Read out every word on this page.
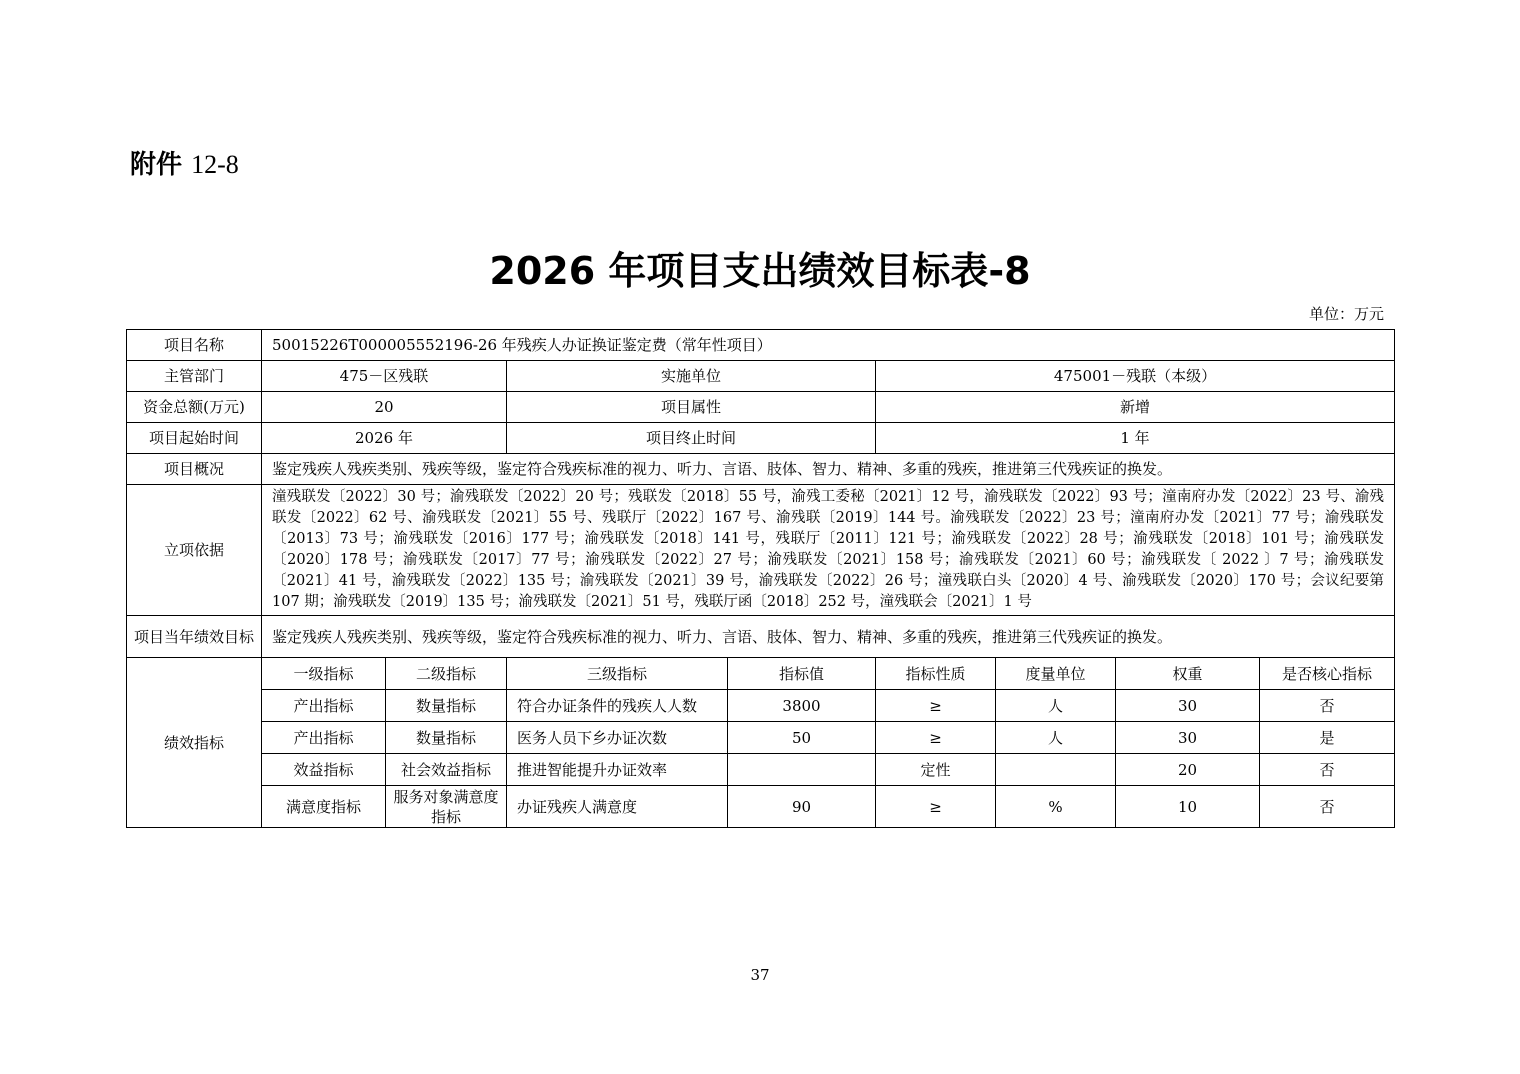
附件 12-8
2026 年项目支出绩效目标表-8
单位：万元
项目名称	50015226T000005552196-26 年残疾人办证换证鉴定费（常年性项目）							
主管部门	475－区残联		实施单位		475001－残联（本级）			
资金总额(万元)	20		项目属性		新增			
项目起始时间	2026 年		项目终止时间		1 年			
项目概况	鉴定残疾人残疾类别、残疾等级，鉴定符合残疾标准的视力、听力、言语、肢体、智力、精神、多重的残疾，推进第三代残疾证的换发。							
立项依据	潼残联发〔2022〕30 号；渝残联发〔2022〕20 号；残联发〔2018〕55 号，渝残工委秘〔2021〕12 号，渝残联发〔2022〕93 号；潼南府办发〔2022〕23 号、渝残联发〔2022〕62 号、渝残联发〔2021〕55 号、残联厅〔2022〕167 号、渝残联〔2019〕144 号。渝残联发〔2022〕23 号；潼南府办发〔2021〕77 号；渝残联发〔2013〕73 号；渝残联发〔2016〕177 号；渝残联发〔2018〕141 号，残联厅〔2011〕121 号；渝残联发〔2022〕28 号；渝残联发〔2018〕101 号；渝残联发〔2020〕178 号；渝残联发〔2017〕77 号；渝残联发〔2022〕27 号；渝残联发〔2021〕158 号；渝残联发〔2021〕60 号；渝残联发〔 2022 〕7 号；渝残联发〔2021〕41 号，渝残联发〔2022〕135 号；渝残联发〔2021〕39 号，渝残联发〔2022〕26 号；潼残联白头〔2020〕4 号、渝残联发〔2020〕170 号；会议纪要第 107 期；渝残联发〔2019〕135 号；渝残联发〔2021〕51 号，残联厅函〔2018〕252 号，潼残联会〔2021〕1 号							
项目当年绩效目标	鉴定残疾人残疾类别、残疾等级，鉴定符合残疾标准的视力、听力、言语、肢体、智力、精神、多重的残疾，推进第三代残疾证的换发。							
绩效指标	一级指标	二级指标	三级指标	指标值	指标性质	度量单位	权重	是否核心指标
	产出指标	数量指标	符合办证条件的残疾人人数	3800	≥	人	30	否
	产出指标	数量指标	医务人员下乡办证次数	50	≥	人	30	是
	效益指标	社会效益指标	推进智能提升办证效率		定性		20	否
	满意度指标	服务对象满意度指标	办证残疾人满意度	90	≥	%	10	否
37
